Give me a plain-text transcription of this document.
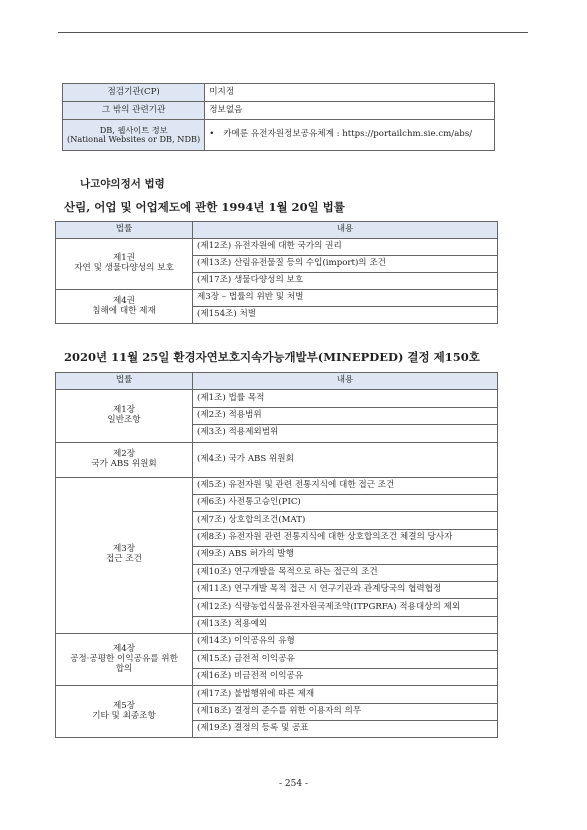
점검기관(CP)	미지정
그 밖의 관련기관	정보없음

DB, 웹사이트 정보
(National Websites or DB, NDB)	• 카메룬 유전자원정보공유체계 : https://portailchm.sie.cm/abs/
나고야의정서 법령
산림, 어업 및 어업제도에 관한 1994년 1월 20일 법률
법률	내용

제1권
자연 및 생물다양성의 보호	(제12조) 유전자원에 대한 국가의 권리
	(제13조) 산림유전물질 등의 수입(import)의 조건
	(제17조) 생물다양성의 보호

제4권
침해에 대한 제재	제3장 – 법률의 위반 및 처벌
	(제154조) 처벌
2020년 11월 25일 환경자연보호지속가능개발부(MINEPDED) 결정 제150호
법률	내용

제1장
일반조항	(제1조) 법률 목적
	(제2조) 적용범위
	(제3조) 적용제외범위

제2장
국가 ABS 위원회	(제4조) 국가 ABS 위원회

제3장
접근 조건	(제5조) 유전자원 및 관련 전통지식에 대한 접근 조건
	(제6조) 사전통고승인(PIC)
	(제7조) 상호합의조건(MAT)
	(제8조) 유전자원 관련 전통지식에 대한 상호합의조건 체결의 당사자
	(제9조) ABS 허가의 발행
	(제10조) 연구개발을 목적으로 하는 접근의 조건
	(제11조) 연구개발 목적 접근 시 연구기관과 관계당국의 협력협정
	(제12조) 식량농업식물유전자원국제조약(ITPGRFA) 적용대상의 제외
	(제13조) 적용예외

제4장
공정·공평한 이익공유를 위한
합의	(제14조) 이익공유의 유형
	(제15조) 금전적 이익공유
	(제16조) 비금전적 이익공유

제5장
기타 및 최종조항	(제17조) 불법행위에 따른 제재
	(제18조) 결정의 준수를 위한 이용자의 의무
	(제19조) 결정의 등록 및 공표
- 254 -
